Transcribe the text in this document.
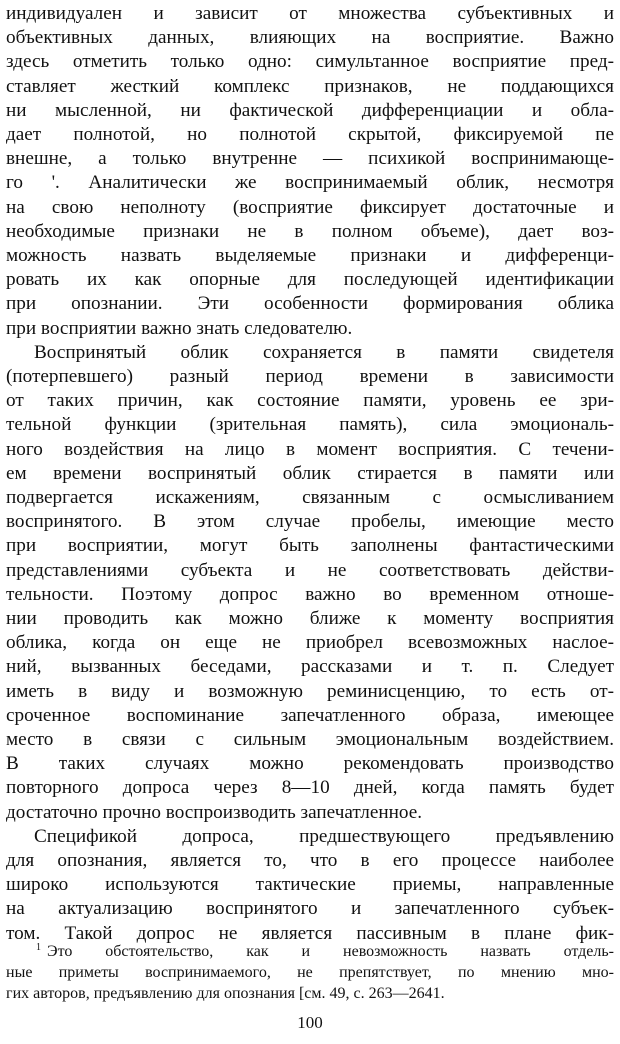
индивидуален и зависит от множества субъективных и
объективных данных, влияющих на восприятие. Важно
здесь отметить только одно: симультанное восприятие пред-
ставляет жесткий комплекс признаков, не поддающихся
ни мысленной, ни фактической дифференциации и обла-
дает полнотой, но полнотой скрытой, фиксируемой пе
внешне, а только внутренне — психикой воспринимающе-
го '. Аналитически же воспринимаемый облик, несмотря
на свою неполноту (восприятие фиксирует достаточные и
необходимые признаки не в полном объеме), дает воз-
можность назвать выделяемые признаки и дифференци-
ровать их как опорные для последующей идентификации
при опознании. Эти особенности формирования облика
при восприятии важно знать следователю.
Воспринятый облик сохраняется в памяти свидетеля
(потерпевшего) разный период времени в зависимости
от таких причин, как состояние памяти, уровень ее зри-
тельной функции (зрительная память), сила эмоциональ-
ного воздействия на лицо в момент восприятия. С течени-
ем времени воспринятый облик стирается в памяти или
подвергается искажениям, связанным с осмысливанием
воспринятого. В этом случае пробелы, имеющие место
при восприятии, могут быть заполнены фантастическими
представлениями субъекта и не соответствовать действи-
тельности. Поэтому допрос важно во временном отноше-
нии проводить как можно ближе к моменту восприятия
облика, когда он еще не приобрел всевозможных наслое-
ний, вызванных беседами, рассказами и т. п. Следует
иметь в виду и возможную реминисценцию, то есть от-
сроченное воспоминание запечатленного образа, имеющее
место в связи с сильным эмоциональным воздействием.
В таких случаях можно рекомендовать производство
повторного допроса через 8—10 дней, когда память будет
достаточно прочно воспроизводить запечатленное.
Спецификой допроса, предшествующего предъявлению
для опознания, является то, что в его процессе наиболее
широко используются тактические приемы, направленные
на актуализацию воспринятого и запечатленного субъек-
том. Такой допрос не является пассивным в плане фик-
$^1$ Это обстоятельство, как и невозможность назвать отдель-
ные приметы воспринимаемого, не препятствует, по мнению мно-
гих авторов, предъявлению для опознания [см. 49, с. 263—2641.
100
